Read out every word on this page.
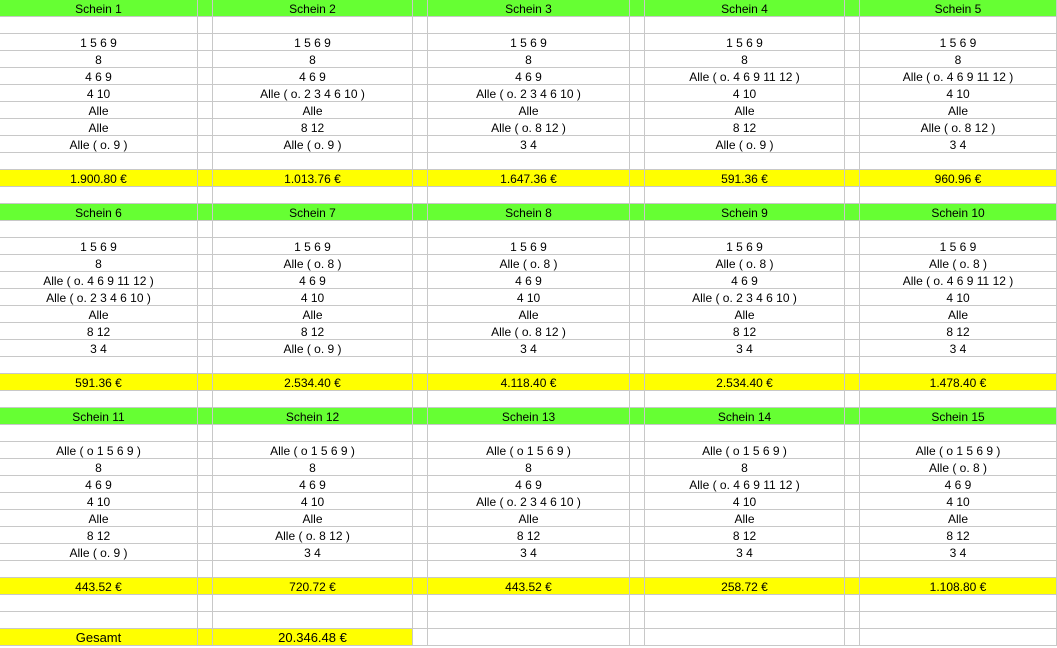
Schein 1	Schein 2	Schein 3	Schein 4	Schein 5
1 5 6 9	1 5 6 9	1 5 6 9	1 5 6 9	1 5 6 9
8	8	8	8	8
4 6 9	4 6 9	4 6 9	Alle ( o. 4 6 9 11 12 )	Alle ( o. 4 6 9 11 12 )
4 10	Alle ( o. 2 3 4 6 10 )	Alle ( o. 2 3 4 6 10 )	4 10	4 10
Alle	Alle	Alle	Alle	Alle
Alle	8 12	Alle ( o. 8 12 )	8 12	Alle ( o. 8 12 )
Alle ( o. 9 )	Alle ( o. 9 )	3 4	Alle ( o. 9 )	3 4
1.900.80 €	1.013.76 €	1.647.36 €	591.36 €	960.96 €
Schein 6	Schein 7	Schein 8	Schein 9	Schein 10
1 5 6 9	1 5 6 9	1 5 6 9	1 5 6 9	1 5 6 9
8	Alle ( o. 8 )	Alle ( o. 8 )	Alle ( o. 8 )	Alle ( o. 8 )
Alle ( o. 4 6 9 11 12 )	4 6 9	4 6 9	4 6 9	Alle ( o. 4 6 9 11 12 )
Alle ( o. 2 3 4 6 10 )	4 10	4 10	Alle ( o. 2 3 4 6 10 )	4 10
Alle	Alle	Alle	Alle	Alle
8 12	8 12	Alle ( o. 8 12 )	8 12	8 12
3 4	Alle ( o. 9 )	3 4	3 4	3 4
591.36 €	2.534.40 €	4.118.40 €	2.534.40 €	1.478.40 €
Schein 11	Schein 12	Schein 13	Schein 14	Schein 15
Alle ( o 1 5 6 9 )	Alle ( o 1 5 6 9 )	Alle ( o 1 5 6 9 )	Alle ( o 1 5 6 9 )	Alle ( o 1 5 6 9 )
8	8	8	8	Alle ( o. 8 )
4 6 9	4 6 9	4 6 9	Alle ( o. 4 6 9 11 12 )	4 6 9
4 10	4 10	Alle ( o. 2 3 4 6 10 )	4 10	4 10
Alle	Alle	Alle	Alle	Alle
8 12	Alle ( o. 8 12 )	8 12	8 12	8 12
Alle ( o. 9 )	3 4	3 4	3 4	3 4
443.52 €	720.72 €	443.52 €	258.72 €	1.108.80 €
Gesamt	20.346.48 €
